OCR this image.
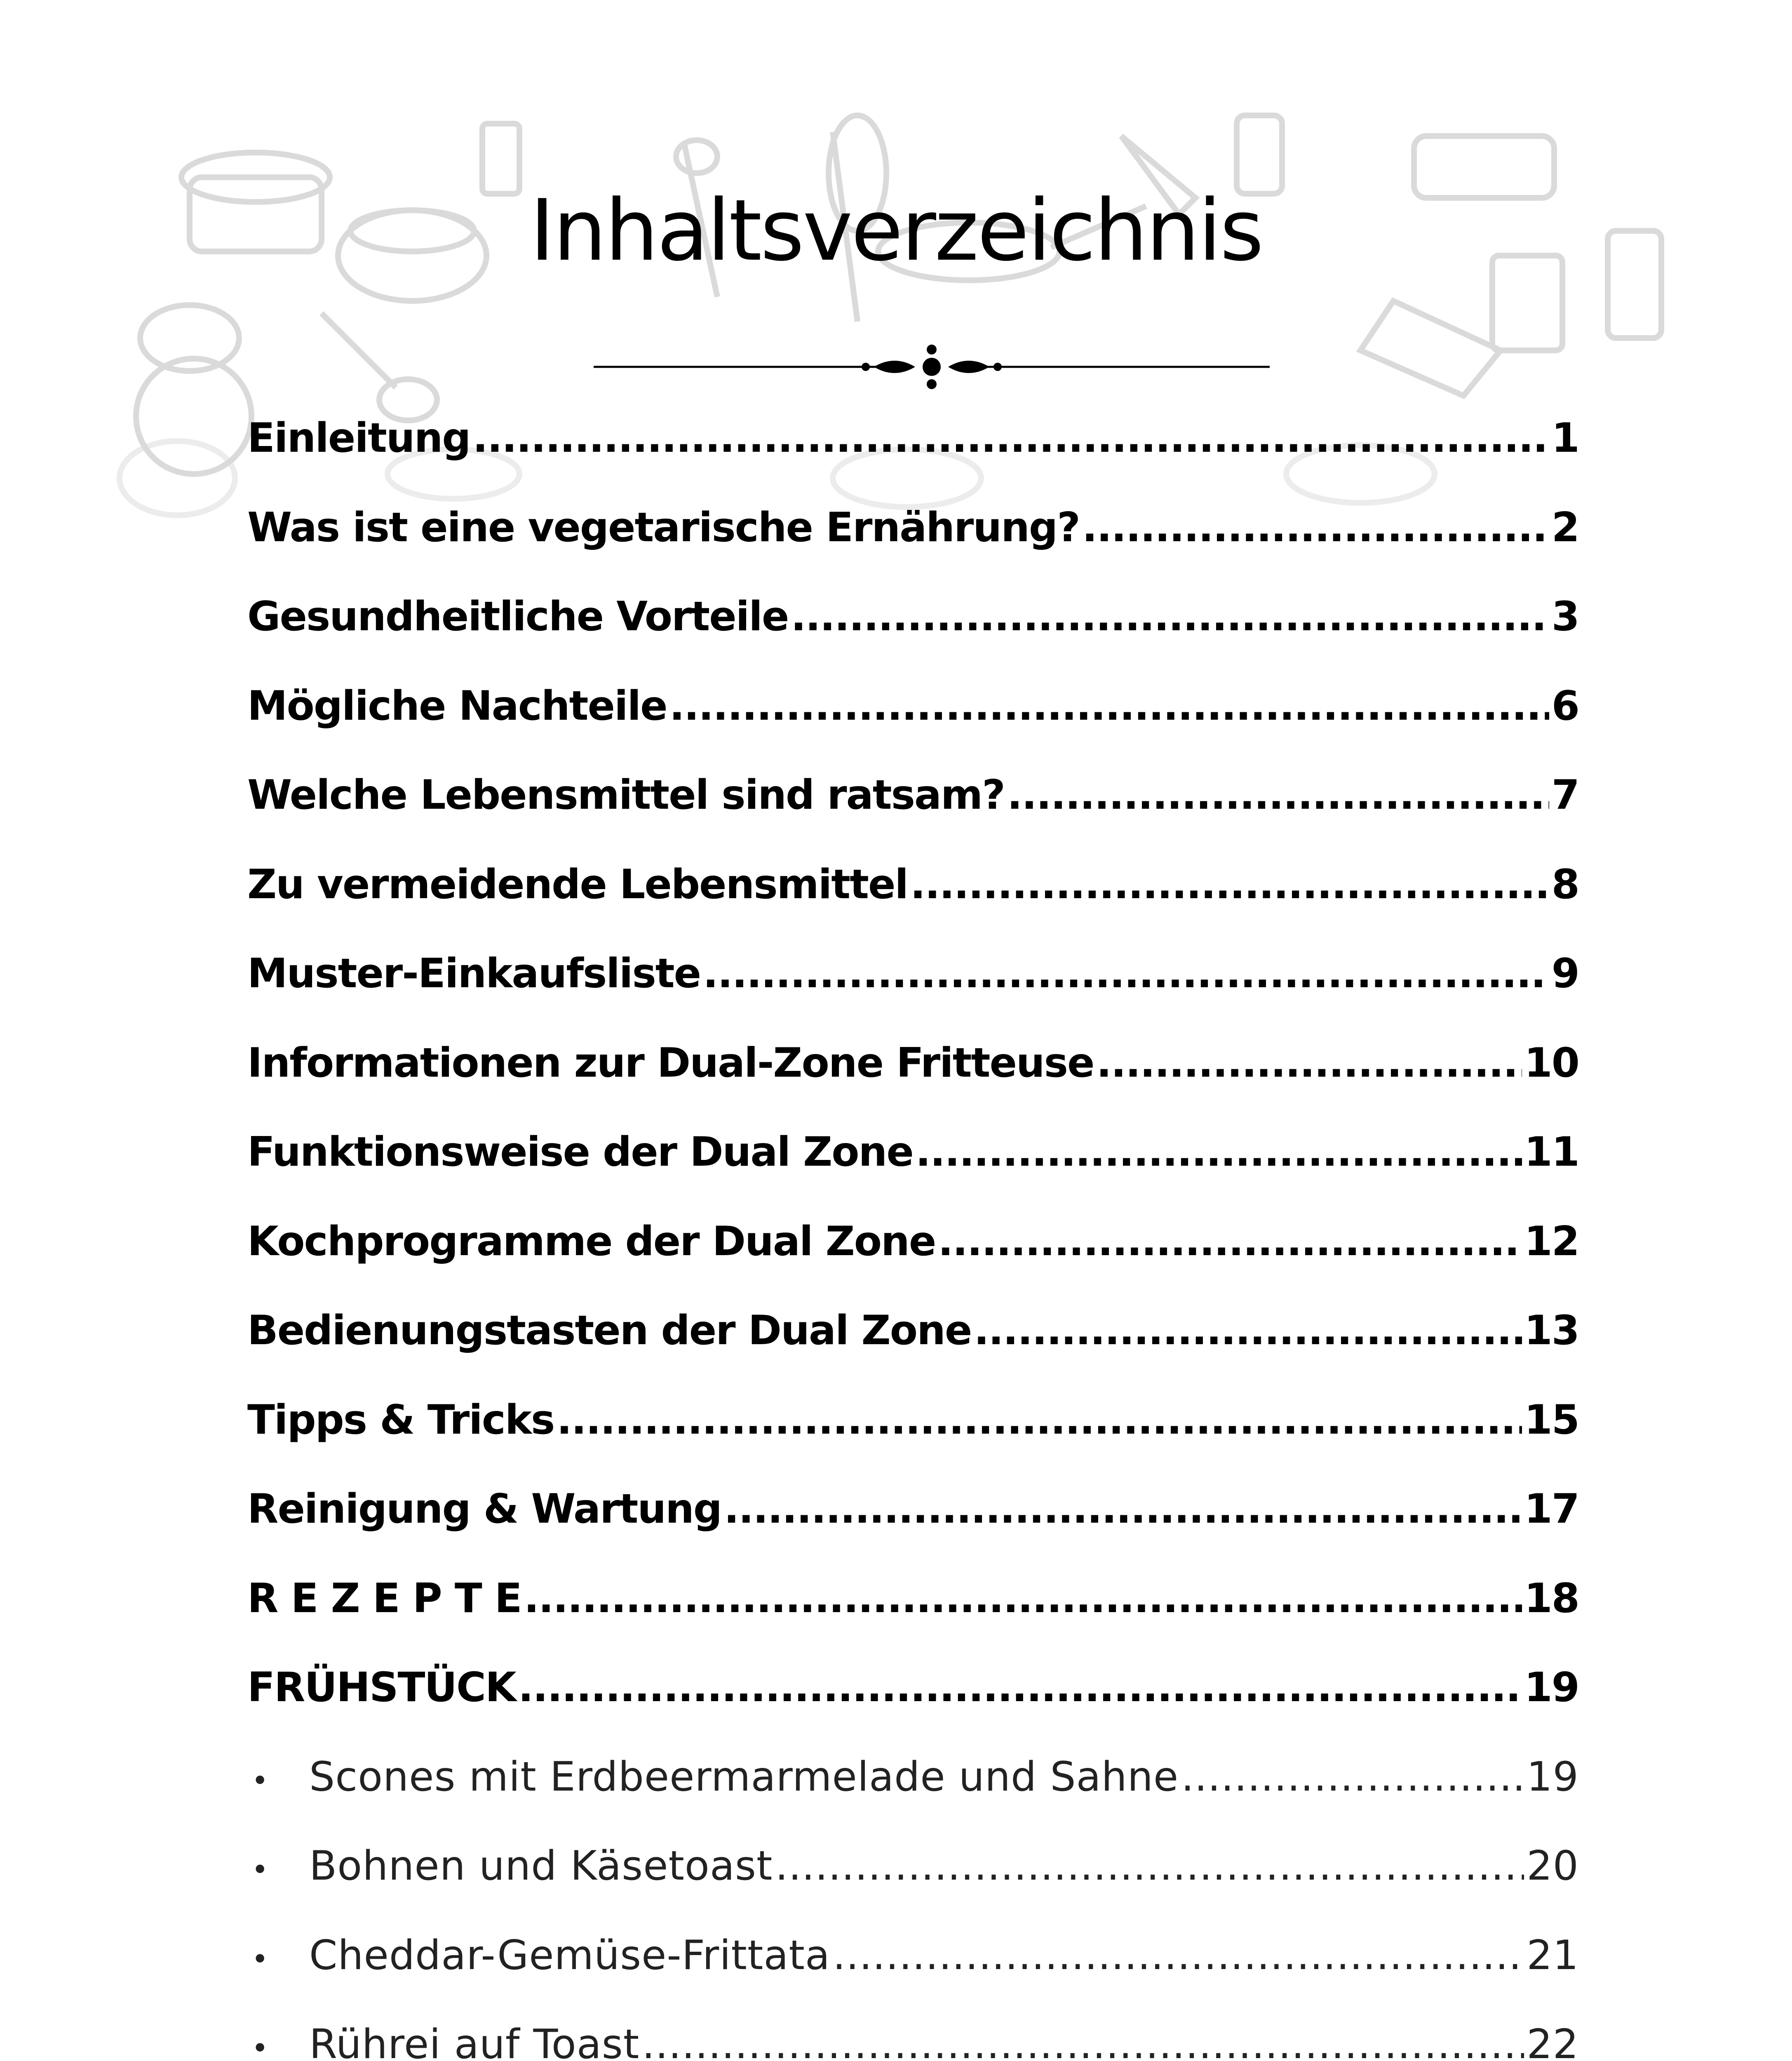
Inhaltsverzeichnis
Einleitung .....	1
Was ist eine vegetarische Ernährung? .....	2
Gesundheitliche Vorteile .....	3
Mögliche Nachteile .....	6
Welche Lebensmittel sind ratsam? .....	7
Zu vermeidende Lebensmittel .....	8
Muster-Einkaufsliste .....	9
Informationen zur Dual-Zone Fritteuse .....	10
Funktionsweise der Dual Zone .....	11
Kochprogramme der Dual Zone .....	12
Bedienungstasten der Dual Zone .....	13
Tipps & Tricks .....	15
Reinigung & Wartung .....	17
R E Z E P T E .....	18
FRÜHSTÜCK .....	19
• Scones mit Erdbeermarmelade und Sahne .....	19
• Bohnen und Käsetoast .....	20
• Cheddar-Gemüse-Frittata .....	21
• Rührei auf Toast .....	22
